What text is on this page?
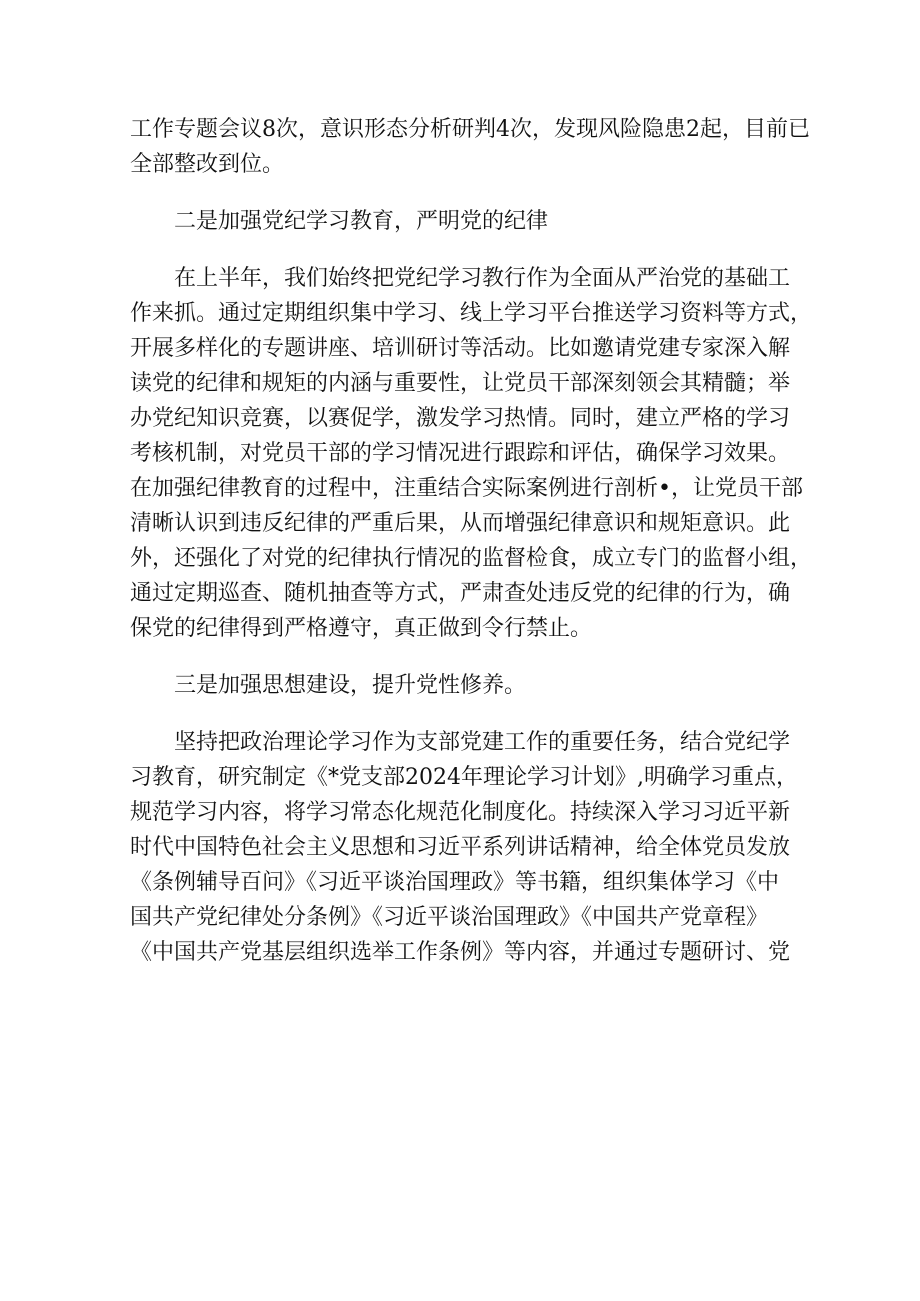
工作专题会议8次，意识形态分析研判4次，发现风险隐患2起，目前已
全部整改到位。
二是加强党纪学习教育，严明党的纪律
在上半年，我们始终把党纪学习教行作为全面从严治党的基础工
作来抓。通过定期组织集中学习、线上学习平台推送学习资料等方式，
开展多样化的专题讲座、培训研讨等活动。比如邀请党建专家深入解
读党的纪律和规矩的内涵与重要性，让党员干部深刻领会其精髓；举
办党纪知识竞赛，以赛促学，激发学习热情。同时，建立严格的学习
考核机制，对党员干部的学习情况进行跟踪和评估，确保学习效果。
在加强纪律教育的过程中，注重结合实际案例进行剖析•，让党员干部
清晰认识到违反纪律的严重后果，从而增强纪律意识和规矩意识。此
外，还强化了对党的纪律执行情况的监督检食，成立专门的监督小组，
通过定期巡查、随机抽查等方式，严肃查处违反党的纪律的行为，确
保党的纪律得到严格遵守，真正做到令行禁止。
三是加强思想建设，提升党性修养。
坚持把政治理论学习作为支部党建工作的重要任务，结合党纪学
习教育，研究制定《*党支部2024年理论学习计划》,明确学习重点，
规范学习内容，将学习常态化规范化制度化。持续深入学习习近平新
时代中国特色社会主义思想和习近平系列讲话精神，给全体党员发放
《条例辅导百问》《习近平谈治国理政》等书籍，组织集体学习《中
国共产党纪律处分条例》《习近平谈治国理政》《中国共产党章程》
《中国共产党基层组织选举工作条例》等内容，并通过专题研讨、党
